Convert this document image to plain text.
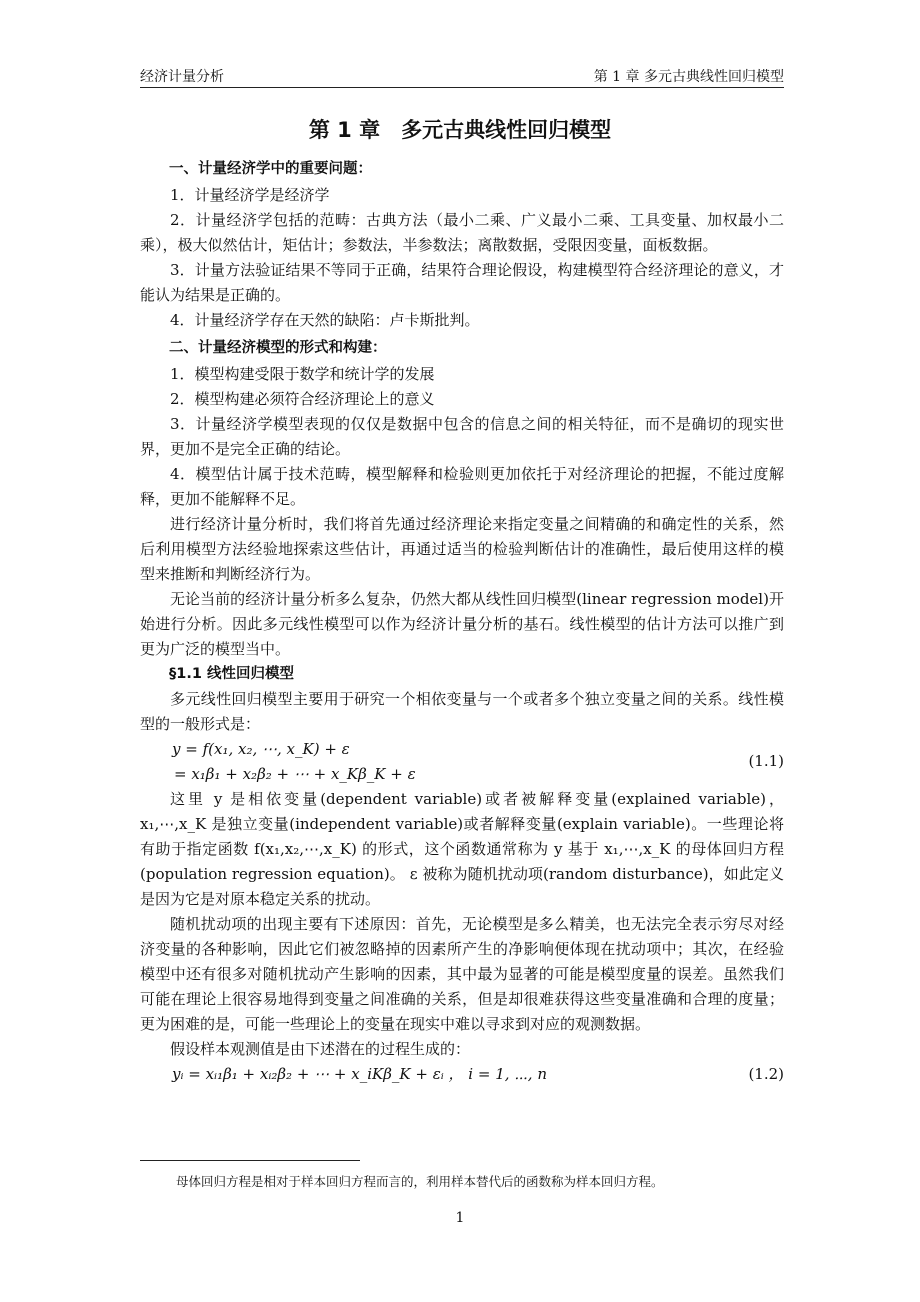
经济计量分析	第 1 章 多元古典线性回归模型
第 1 章　多元古典线性回归模型
一、计量经济学中的重要问题：

1．计量经济学是经济学

2．计量经济学包括的范畴：古典方法（最小二乘、广义最小二乘、工具变量、加权最小二乘），极大似然估计，矩估计；参数法，半参数法；离散数据，受限因变量，面板数据。

3．计量方法验证结果不等同于正确，结果符合理论假设，构建模型符合经济理论的意义，才能认为结果是正确的。

4．计量经济学存在天然的缺陷：卢卡斯批判。

二、计量经济模型的形式和构建：

1．模型构建受限于数学和统计学的发展

2．模型构建必须符合经济理论上的意义

3．计量经济学模型表现的仅仅是数据中包含的信息之间的相关特征，而不是确切的现实世界，更加不是完全正确的结论。

4．模型估计属于技术范畴，模型解释和检验则更加依托于对经济理论的把握，不能过度解释，更加不能解释不足。

进行经济计量分析时，我们将首先通过经济理论来指定变量之间精确的和确定性的关系，然后利用模型方法经验地探索这些估计，再通过适当的检验判断估计的准确性，最后使用这样的模型来推断和判断经济行为。

无论当前的经济计量分析多么复杂，仍然大都从线性回归模型(linear regression model)开始进行分析。因此多元线性模型可以作为经济计量分析的基石。线性模型的估计方法可以推广到更为广泛的模型当中。

§1.1 线性回归模型

多元线性回归模型主要用于研究一个相依变量与一个或者多个独立变量之间的关系。线性模型的一般形式是：

y = f(x₁, x₂, ⋯, x_K) + ε
= x₁β₁ + x₂β₂ + ⋯ + x_Kβ_K + ε
(1.1)

这里 y 是相依变量(dependent variable)或者被解释变量(explained variable)， x₁,⋯,x_K 是独立变量(independent variable)或者解释变量(explain variable)。一些理论将有助于指定函数 f(x₁,x₂,⋯,x_K) 的形式，这个函数通常称为 y 基于 x₁,⋯,x_K 的母体回归方程(population regression equation)。 ε 被称为随机扰动项(random disturbance)，如此定义是因为它是对原本稳定关系的扰动。

随机扰动项的出现主要有下述原因：首先，无论模型是多么精美，也无法完全表示穷尽对经济变量的各种影响，因此它们被忽略掉的因素所产生的净影响便体现在扰动项中；其次，在经验模型中还有很多对随机扰动产生影响的因素，其中最为显著的可能是模型度量的误差。虽然我们可能在理论上很容易地得到变量之间准确的关系，但是却很难获得这些变量准确和合理的度量；更为困难的是，可能一些理论上的变量在现实中难以寻求到对应的观测数据。

假设样本观测值是由下述潜在的过程生成的：

yᵢ = xᵢ₁β₁ + xᵢ₂β₂ + ⋯ + x_iKβ_K + εᵢ ， i = 1, ⋯, n	(1.2)
母体回归方程是相对于样本回归方程而言的，利用样本替代后的函数称为样本回归方程。
1
